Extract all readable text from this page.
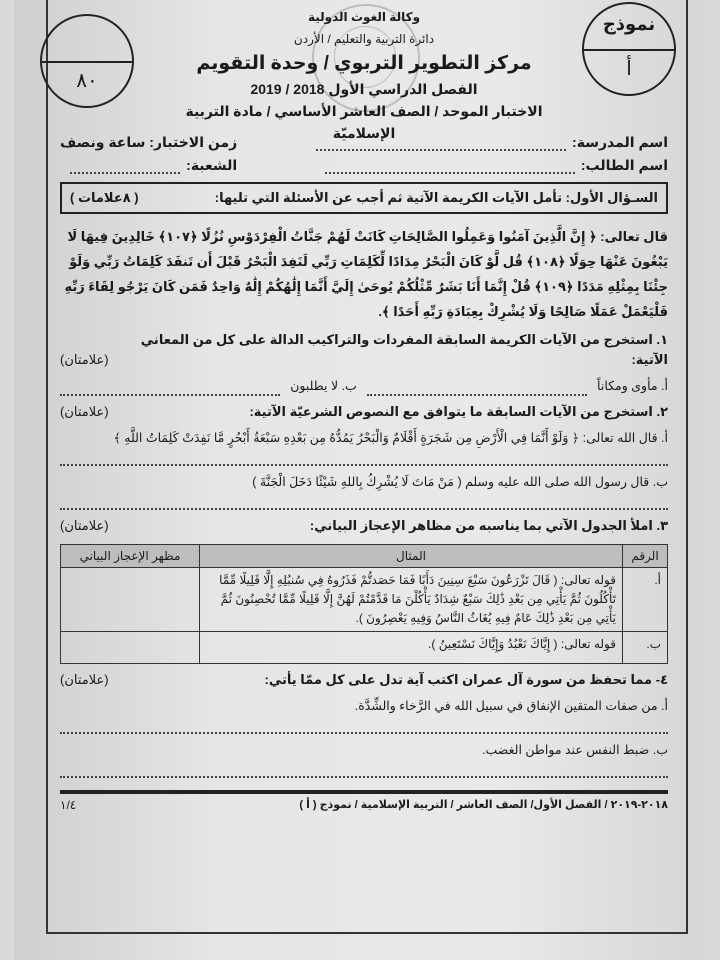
نموذج
أ
٨٠
وكالة الغوث الدولية
دائرة التربية والتعليم / الأردن
مركز التطوير التربوي / وحدة التقويم
الفصل الدراسي الأول 2018 / 2019
الاختبار الموحد / الصف العاشر الأساسي / مادة التربية الإسلاميّة
اسم المدرسة:
اسم الطالب:
زمن الاختبار: ساعة ونصف
الشعبة:
السـؤال الأول: تأمل الآيات الكريمة الآتية ثم أجب عن الأسئلة التي تليها:
( ٨علامات )
قال تعالى: ﴿ إِنَّ الَّذِينَ آمَنُوا وَعَمِلُوا الصَّالِحَاتِ كَانَتْ لَهُمْ جَنَّاتُ الْفِرْدَوْسِ نُزُلًا ﴿١٠٧﴾ خَالِدِينَ فِيهَا لَا يَبْغُونَ عَنْهَا حِوَلًا ﴿١٠٨﴾ قُل لَّوْ كَانَ الْبَحْرُ مِدَادًا لِّكَلِمَاتِ رَبِّي لَنَفِدَ الْبَحْرُ قَبْلَ أَن تَنفَدَ كَلِمَاتُ رَبِّي وَلَوْ جِئْنَا بِمِثْلِهِ مَدَدًا ﴿١٠٩﴾ قُلْ إِنَّمَا أَنَا بَشَرٌ مِّثْلُكُمْ يُوحَىٰ إِلَيَّ أَنَّمَا إِلَٰهُكُمْ إِلَٰهٌ وَاحِدٌ فَمَن كَانَ يَرْجُو لِقَاءَ رَبِّهِ فَلْيَعْمَلْ عَمَلًا صَالِحًا وَلَا يُشْرِكْ بِعِبَادَةِ رَبِّهِ أَحَدًا ﴾.
١. استخرج من الآيات الكريمة السابقة المفردات والتراكيب الدالة على كل من المعاني الآتية:
(علامتان)
أ. مأوى ومكاناً
ب. لا يطلبون
٢. استخرج من الآيات السابقة ما يتوافق مع النصوص الشرعيّة الآتية:
(علامتان)
أ. قال الله تعالى: ﴿ وَلَوْ أَنَّمَا فِي الْأَرْضِ مِن شَجَرَةٍ أَقْلَامٌ وَالْبَحْرُ يَمُدُّهُ مِن بَعْدِهِ سَبْعَةُ أَبْحُرٍ مَّا نَفِدَتْ كَلِمَاتُ اللَّهِ ﴾
ب. قال رسول الله صلى الله عليه وسلم ( مَنْ مَاتَ لَا يُشْرِكُ بِاللهِ شَيْئًا دَخَلَ الْجَنَّةَ )
٣. املأ الجدول الآتي بما يناسبه من مظاهر الإعجاز البياني:
(علامتان)
الرقم	المثال	مظهر الإعجاز البياني
أ.	قوله تعالى: ( قَالَ تَزْرَعُونَ سَبْعَ سِنِينَ دَأَبًا فَمَا حَصَدتُّمْ فَذَرُوهُ فِي سُنبُلِهِ إِلَّا قَلِيلًا مِّمَّا تَأْكُلُونَ ثُمَّ يَأْتِي مِن بَعْدِ ذَٰلِكَ سَبْعٌ شِدَادٌ يَأْكُلْنَ مَا قَدَّمْتُمْ لَهُنَّ إِلَّا قَلِيلًا مِّمَّا تُحْصِنُونَ ثُمَّ يَأْتِي مِن بَعْدِ ذَٰلِكَ عَامٌ فِيهِ يُغَاثُ النَّاسُ وَفِيهِ يَعْصِرُونَ ).	
ب.	قوله تعالى: ( إِيَّاكَ نَعْبُدُ وَإِيَّاكَ نَسْتَعِينُ ).	
٤- مما تحفظ من سورة آل عمران اكتب آية تدل على كل ممّا يأتي:
(علامتان)
أ. من صفات المتقين الإنفاق في سبيل الله في الرَّخاء والشِّدَّة.
ب. ضبط النفس عند مواطن الغضب.
٢٠١٨-٢٠١٩ / الفصل الأول/ الصف العاشر / التربية الإسلامية / نموذج ( أ )
١/٤
